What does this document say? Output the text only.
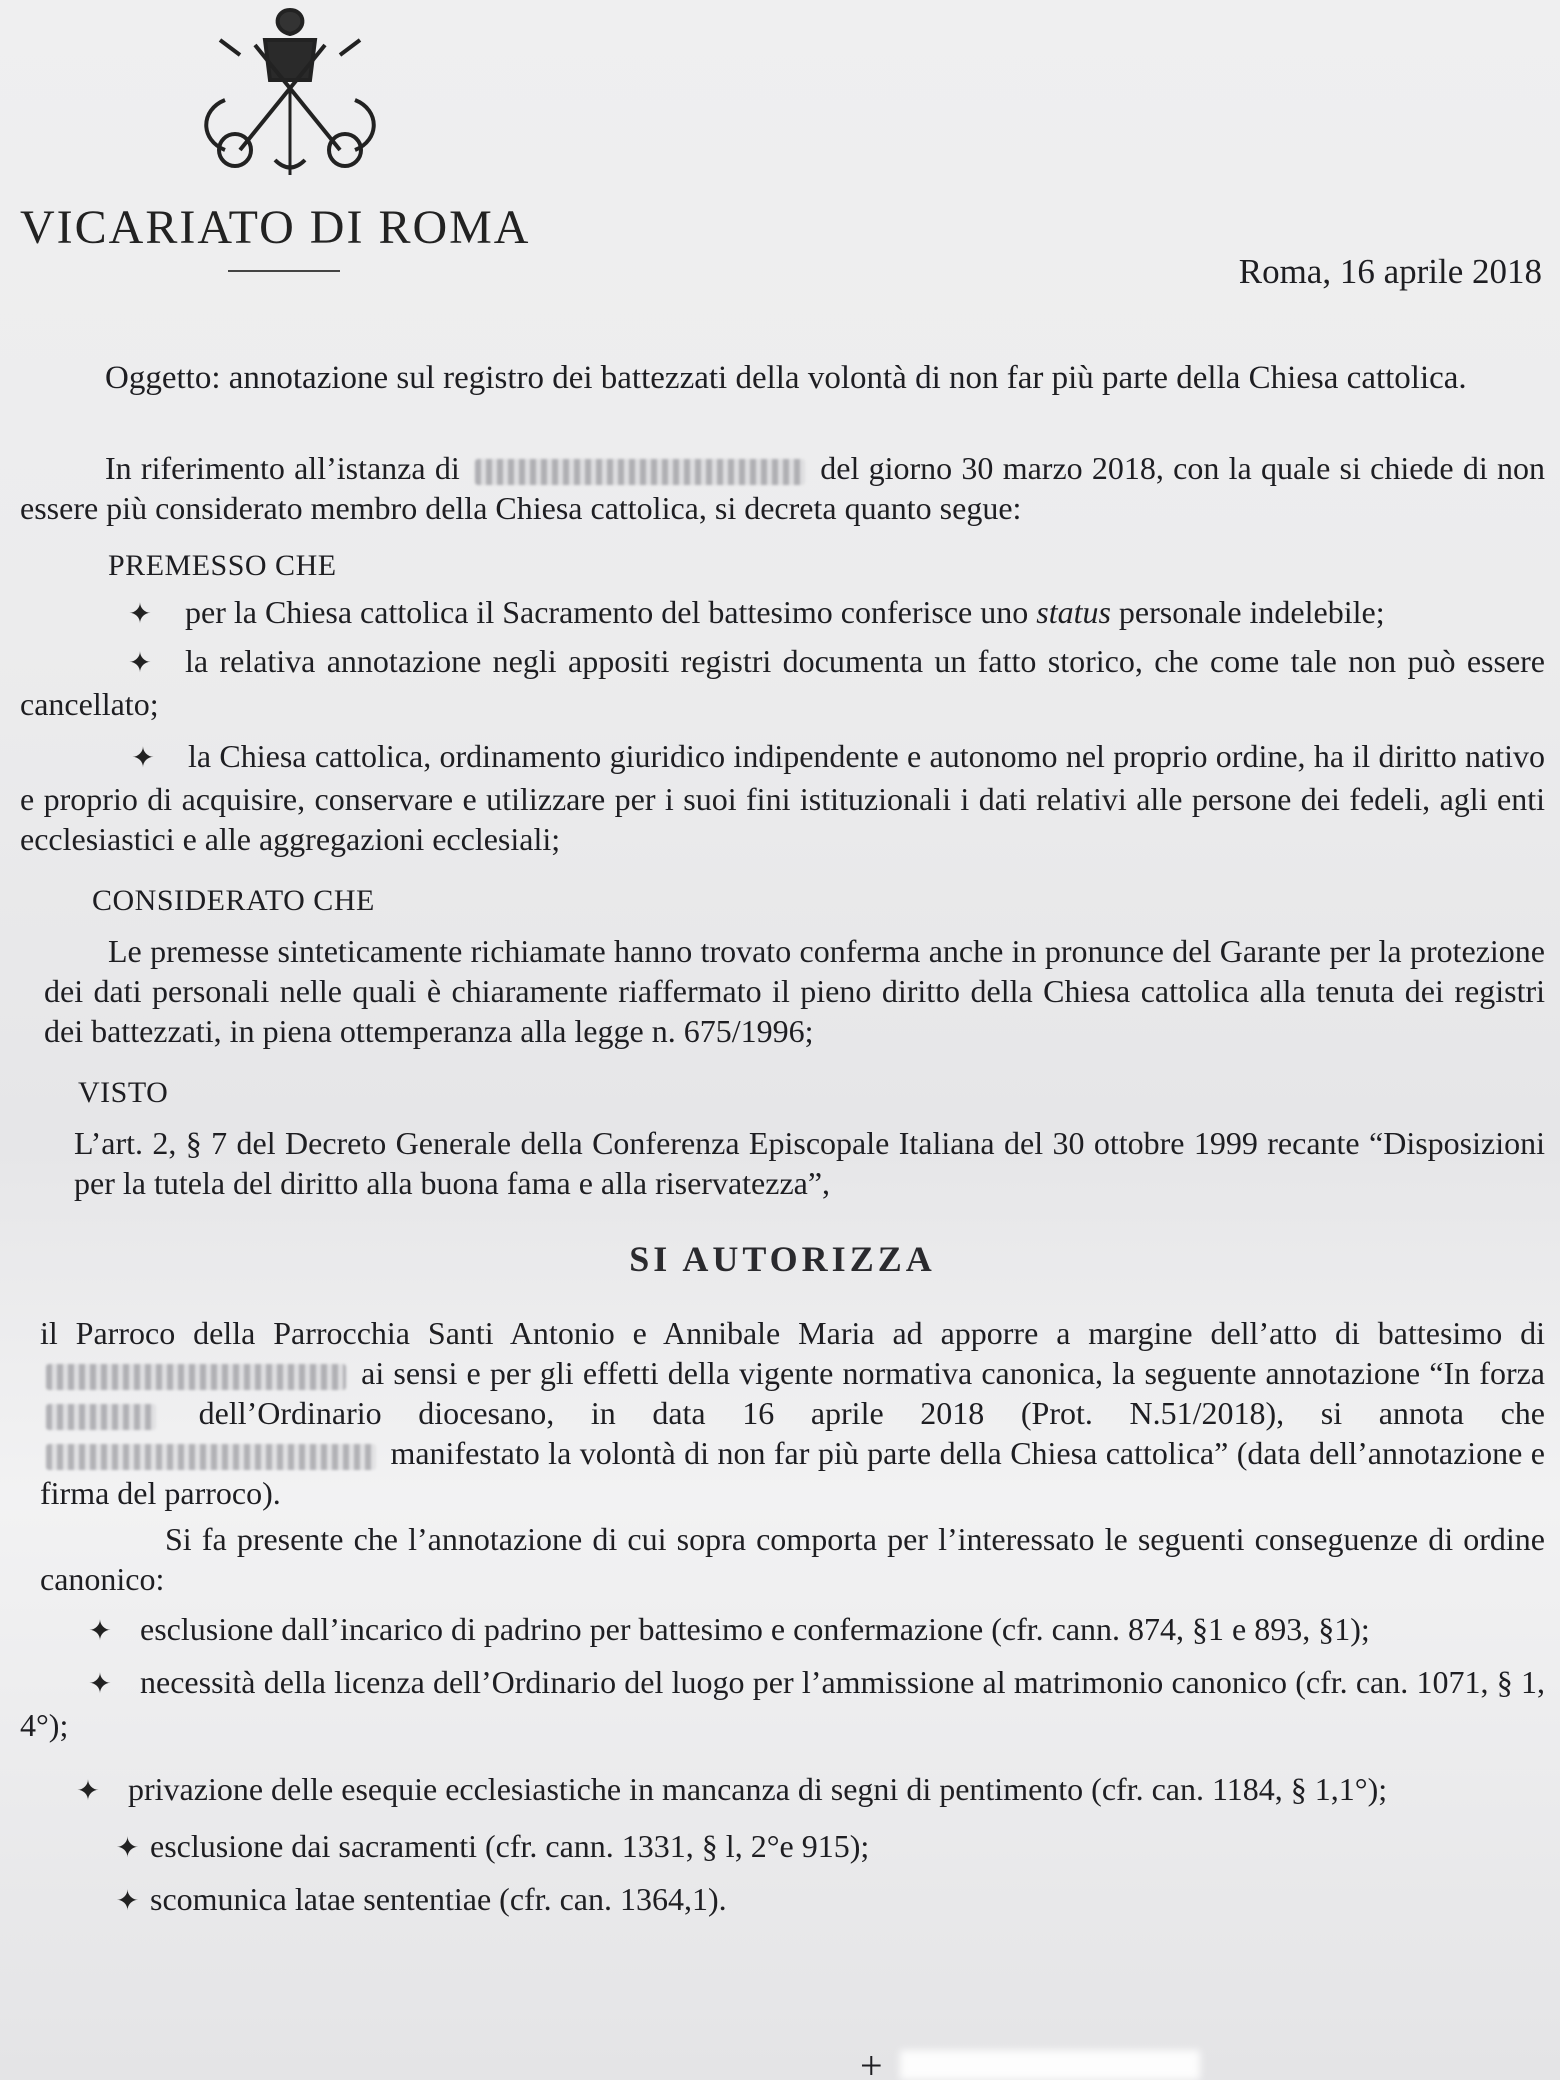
VICARIATO DI ROMA
Roma, 16 aprile 2018

Oggetto: annotazione sul registro dei battezzati della volontà di non far più parte della Chiesa cattolica.

In riferimento all’istanza di	del giorno 30 marzo 2018, con la quale si chiede di non essere più considerato membro della Chiesa cattolica, si decreta quanto segue:

PREMESSO CHE
✦ per la Chiesa cattolica il Sacramento del battesimo conferisce uno status personale indelebile;
✦ la relativa annotazione negli appositi registri documenta un fatto storico, che come tale non può essere cancellato;
✦ la Chiesa cattolica, ordinamento giuridico indipendente e autonomo nel proprio ordine, ha il diritto nativo e proprio di acquisire, conservare e utilizzare per i suoi fini istituzionali i dati relativi alle persone dei fedeli, agli enti ecclesiastici e alle aggregazioni ecclesiali;
CONSIDERATO CHE

Le premesse sinteticamente richiamate hanno trovato conferma anche in pronunce del Garante per la protezione dei dati personali nelle quali è chiaramente riaffermato il pieno diritto della Chiesa cattolica alla tenuta dei registri dei battezzati, in piena ottemperanza alla legge n. 675/1996;

VISTO

L’art. 2, § 7 del Decreto Generale della Conferenza Episcopale Italiana del 30 ottobre 1999 recante “Disposizioni per la tutela del diritto alla buona fama e alla riservatezza”,

SI AUTORIZZA

il Parroco della Parrocchia Santi Antonio e Annibale Maria ad apporre a margine dell’atto di battesimo di  ai sensi e per gli effetti della vigente normativa canonica, la seguente annotazione “In forza  dell’Ordinario diocesano, in data 16 aprile 2018 (Prot. N.51/2018), si annota che  manifestato la volontà di non far più parte della Chiesa cattolica” (data dell’annotazione e firma del parroco).

Si fa presente che l’annotazione di cui sopra comporta per l’interessato le seguenti conseguenze di ordine canonico:

✦ esclusione dall’incarico di padrino per battesimo e confermazione (cfr. cann. 874, §1 e 893, §1);
✦ necessità della licenza dell’Ordinario del luogo per l’ammissione al matrimonio canonico (cfr. can. 1071, § 1, 4°);
✦ privazione delle esequie ecclesiastiche in mancanza di segni di pentimento (cfr. can. 1184, § 1,1°);
✦ esclusione dai sacramenti (cfr. cann. 1331, § l, 2°e 915);
✦ scomunica latae sententiae (cfr. can. 1364,1).
+
